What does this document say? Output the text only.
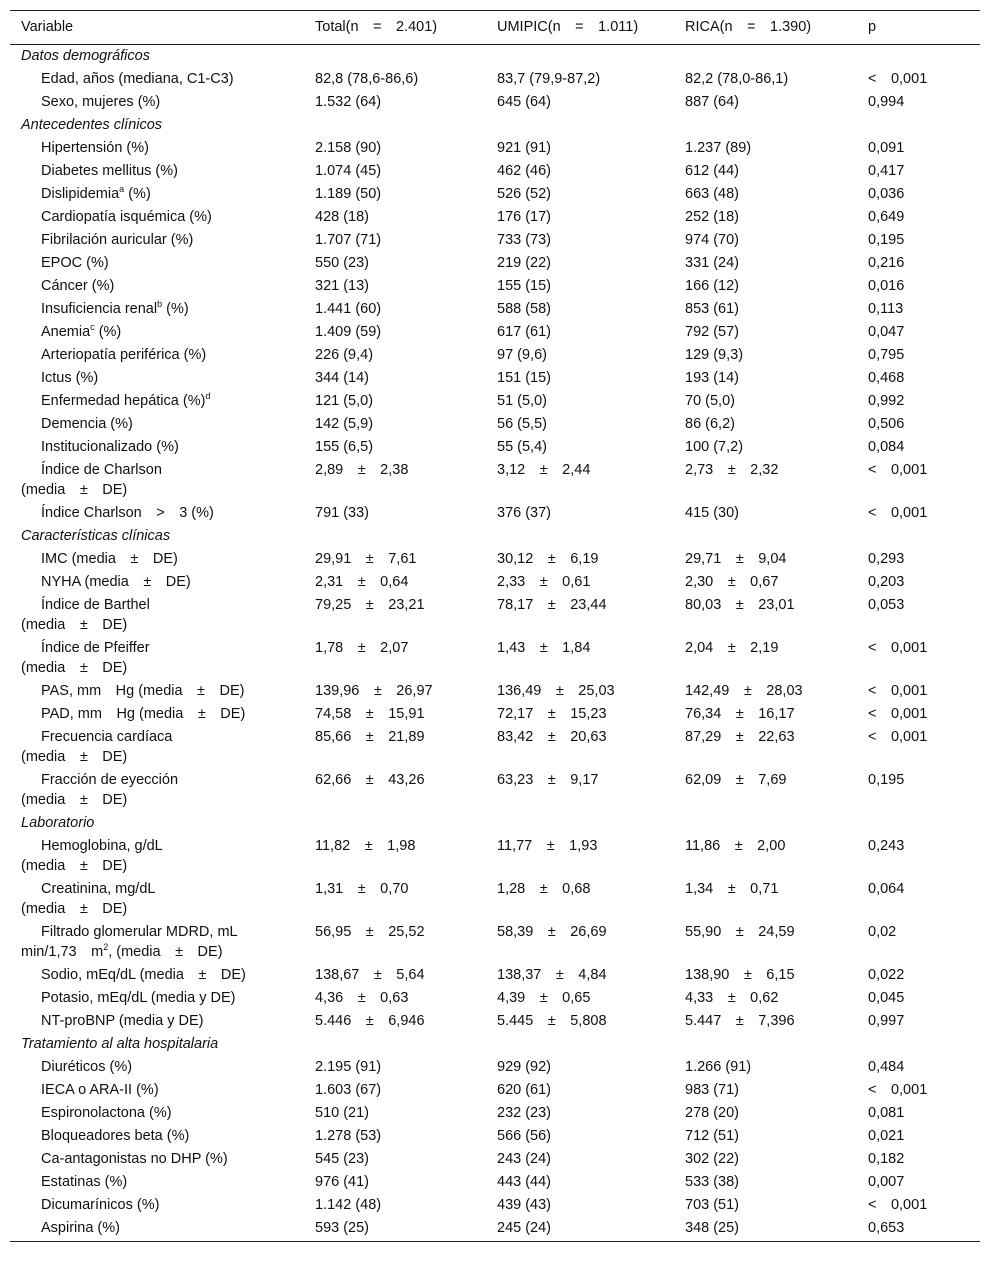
Variable	Total(n = 2.401)	UMIPIC(n = 1.011)	RICA(n = 1.390)	p
Datos demográficos				
Edad, años (mediana, C1-C3)	82,8 (78,6-86,6)	83,7 (79,9-87,2)	82,2 (78,0-86,1)	< 0,001
Sexo, mujeres (%)	1.532 (64)	645 (64)	887 (64)	0,994
Antecedentes clínicos				
Hipertensión (%)	2.158 (90)	921 (91)	1.237 (89)	0,091
Diabetes mellitus (%)	1.074 (45)	462 (46)	612 (44)	0,417
Dislipidemia$^a$ (%)	1.189 (50)	526 (52)	663 (48)	0,036
Cardiopatía isquémica (%)	428 (18)	176 (17)	252 (18)	0,649
Fibrilación auricular (%)	1.707 (71)	733 (73)	974 (70)	0,195
EPOC (%)	550 (23)	219 (22)	331 (24)	0,216
Cáncer (%)	321 (13)	155 (15)	166 (12)	0,016
Insuficiencia renal$^b$ (%)	1.441 (60)	588 (58)	853 (61)	0,113
Anemia$^c$ (%)	1.409 (59)	617 (61)	792 (57)	0,047
Arteriopatía periférica (%)	226 (9,4)	97 (9,6)	129 (9,3)	0,795
Ictus (%)	344 (14)	151 (15)	193 (14)	0,468
Enfermedad hepática (%)$^d$	121 (5,0)	51 (5,0)	70 (5,0)	0,992
Demencia (%)	142 (5,9)	56 (5,5)	86 (6,2)	0,506
Institucionalizado (%)	155 (6,5)	55 (5,4)	100 (7,2)	0,084
Índice de Charlson
(media ± DE)	2,89 ± 2,38	3,12 ± 2,44	2,73 ± 2,32	< 0,001
Índice Charlson > 3 (%)	791 (33)	376 (37)	415 (30)	< 0,001
Características clínicas				
IMC (media ± DE)	29,91 ± 7,61	30,12 ± 6,19	29,71 ± 9,04	0,293
NYHA (media ± DE)	2,31 ± 0,64	2,33 ± 0,61	2,30 ± 0,67	0,203
Índice de Barthel
(media ± DE)	79,25 ± 23,21	78,17 ± 23,44	80,03 ± 23,01	0,053
Índice de Pfeiffer
(media ± DE)	1,78 ± 2,07	1,43 ± 1,84	2,04 ± 2,19	< 0,001
PAS, mm Hg (media ± DE)	139,96 ± 26,97	136,49 ± 25,03	142,49 ± 28,03	< 0,001
PAD, mm Hg (media ± DE)	74,58 ± 15,91	72,17 ± 15,23	76,34 ± 16,17	< 0,001
Frecuencia cardíaca
(media ± DE)	85,66 ± 21,89	83,42 ± 20,63	87,29 ± 22,63	< 0,001
Fracción de eyección
(media ± DE)	62,66 ± 43,26	63,23 ± 9,17	62,09 ± 7,69	0,195
Laboratorio				
Hemoglobina, g/dL
(media ± DE)	11,82 ± 1,98	11,77 ± 1,93	11,86 ± 2,00	0,243
Creatinina, mg/dL
(media ± DE)	1,31 ± 0,70	1,28 ± 0,68	1,34 ± 0,71	0,064
Filtrado glomerular MDRD, mL
min/1,73 $m^2$, (media ± DE)	56,95 ± 25,52	58,39 ± 26,69	55,90 ± 24,59	0,02
Sodio, mEq/dL (media ± DE)	138,67 ± 5,64	138,37 ± 4,84	138,90 ± 6,15	0,022
Potasio, mEq/dL (media y DE)	4,36 ± 0,63	4,39 ± 0,65	4,33 ± 0,62	0,045
NT-proBNP (media y DE)	5.446 ± 6,946	5.445 ± 5,808	5.447 ± 7,396	0,997
Tratamiento al alta hospitalaria				
Diuréticos (%)	2.195 (91)	929 (92)	1.266 (91)	0,484
IECA o ARA-II (%)	1.603 (67)	620 (61)	983 (71)	< 0,001
Espironolactona (%)	510 (21)	232 (23)	278 (20)	0,081
Bloqueadores beta (%)	1.278 (53)	566 (56)	712 (51)	0,021
Ca-antagonistas no DHP (%)	545 (23)	243 (24)	302 (22)	0,182
Estatinas (%)	976 (41)	443 (44)	533 (38)	0,007
Dicumarínicos (%)	1.142 (48)	439 (43)	703 (51)	< 0,001
Aspirina (%)	593 (25)	245 (24)	348 (25)	0,653
